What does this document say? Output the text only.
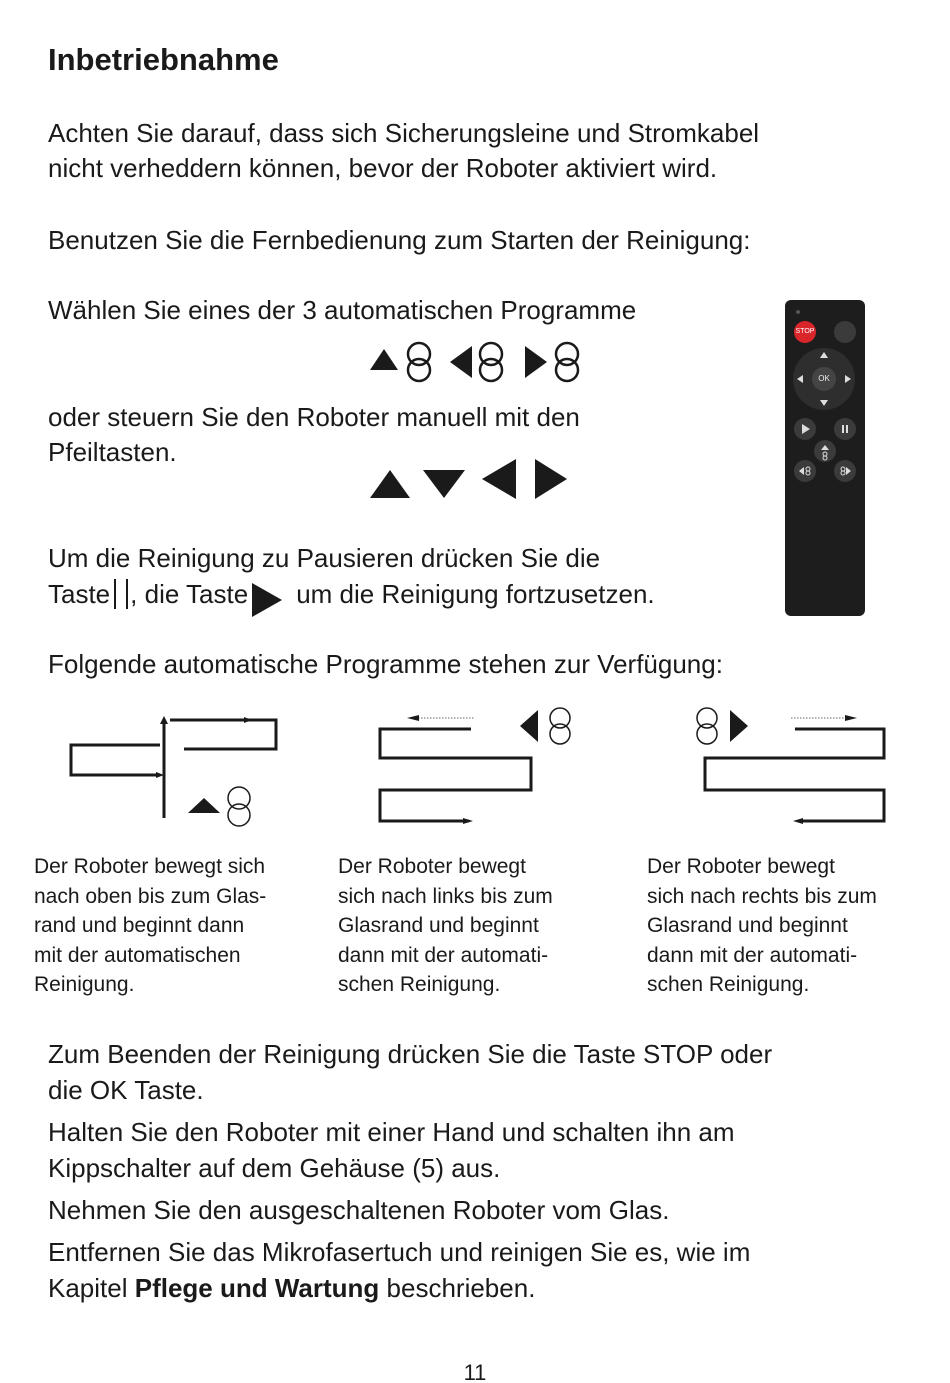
Inbetriebnahme
Achten Sie darauf, dass sich Sicherungsleine und Stromkabel
nicht verheddern können, bevor der Roboter aktiviert wird.
Benutzen Sie die Fernbedienung zum Starten der Reinigung:
Wählen Sie eines der 3 automatischen Programme
oder steuern Sie den Roboter manuell mit den
Pfeiltasten.
Um die Reinigung zu Pausieren drücken Sie die
Taste , die Taste um die Reinigung fortzusetzen.
STOP
OK
Folgende automatische Programme stehen zur Verfügung:
Der Roboter bewegt sich
nach oben bis zum Glas-
rand und beginnt dann
mit der automatischen
Reinigung.
Der Roboter bewegt
sich nach links bis zum
Glasrand und beginnt
dann mit der automati-
schen Reinigung.
Der Roboter bewegt
sich nach rechts bis zum
Glasrand und beginnt
dann mit der automati-
schen Reinigung.
Zum Beenden der Reinigung drücken Sie die Taste STOP oder
die OK Taste.
Halten Sie den Roboter mit einer Hand und schalten ihn am
Kippschalter auf dem Gehäuse (5) aus.
Nehmen Sie den ausgeschaltenen Roboter vom Glas.
Entfernen Sie das Mikrofasertuch und reinigen Sie es, wie im
Kapitel Pflege und Wartung beschrieben.
11
